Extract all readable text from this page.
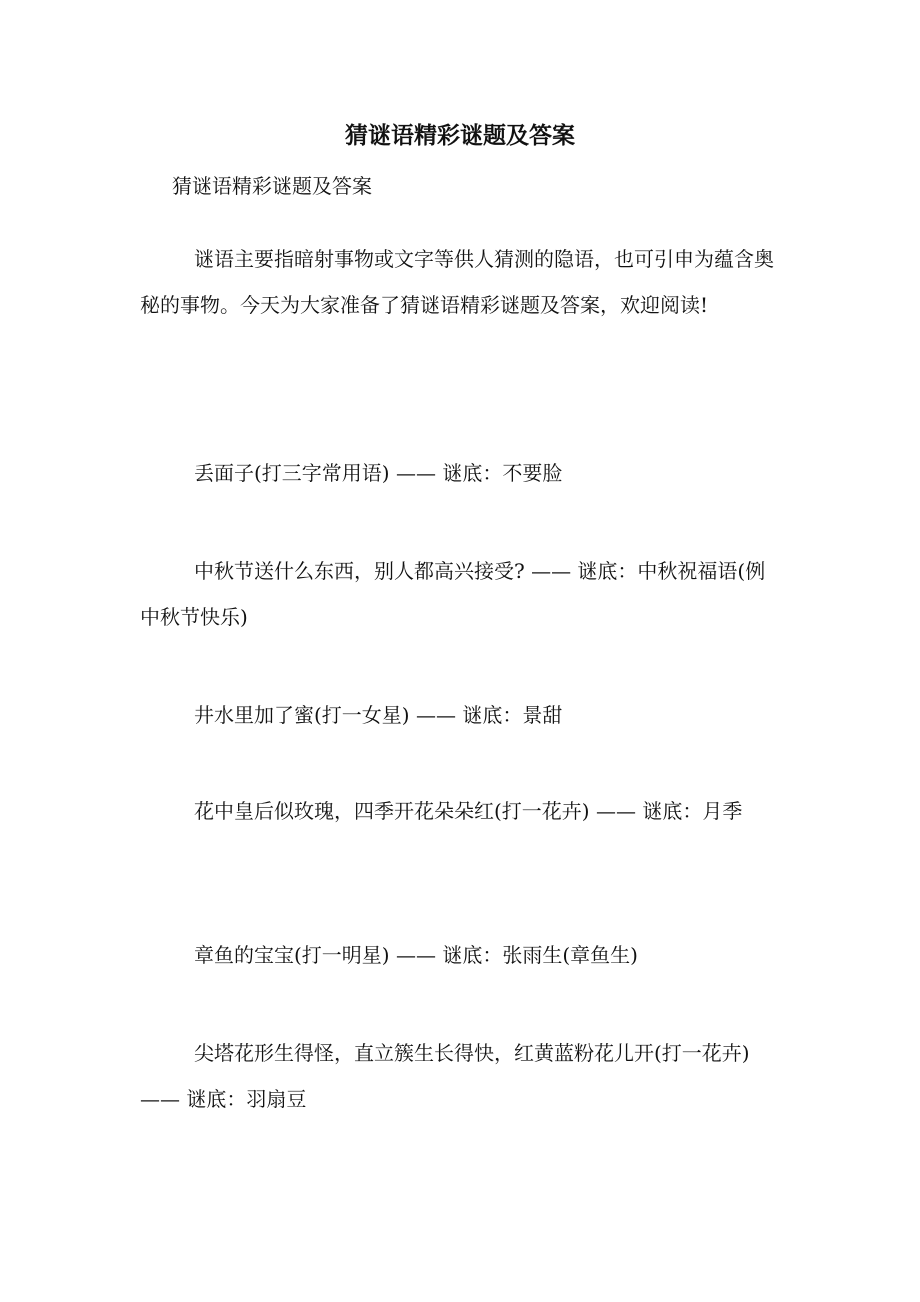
猜谜语精彩谜题及答案
猜谜语精彩谜题及答案

谜语主要指暗射事物或文字等供人猜测的隐语，也可引申为蕴含奥秘的事物。今天为大家准备了猜谜语精彩谜题及答案，欢迎阅读!

丢面子(打三字常用语) —— 谜底：不要脸

中秋节送什么东西，别人都高兴接受? —— 谜底：中秋祝福语(例中秋节快乐)

井水里加了蜜(打一女星) —— 谜底：景甜

花中皇后似玫瑰，四季开花朵朵红(打一花卉) —— 谜底：月季

章鱼的宝宝(打一明星) —— 谜底：张雨生(章鱼生)

尖塔花形生得怪，直立簇生长得快，红黄蓝粉花儿开(打一花卉) —— 谜底：羽扇豆
